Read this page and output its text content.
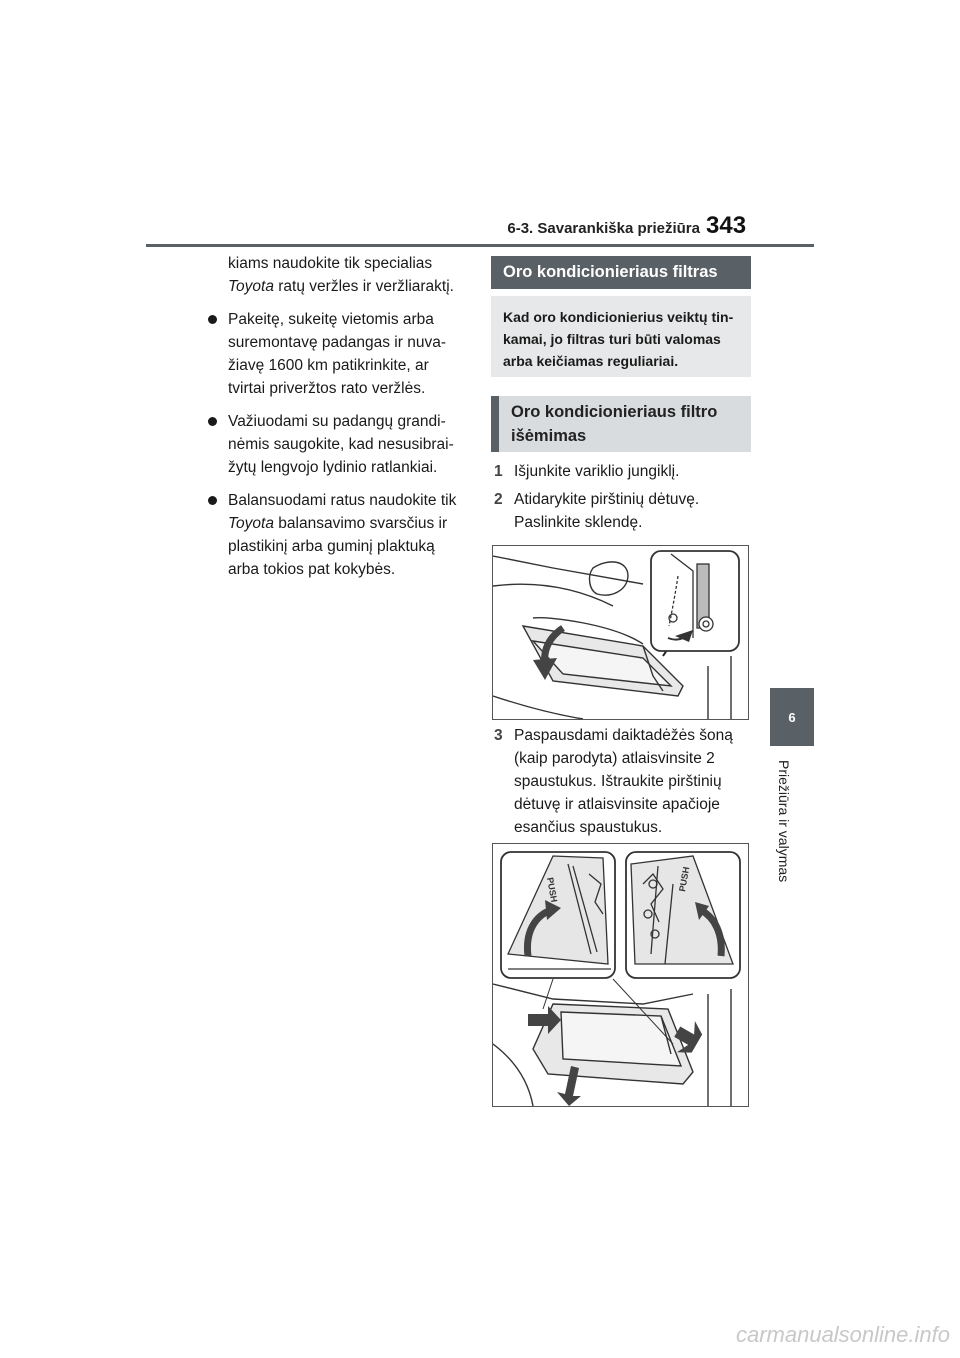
6-3. Savarankiška priežiūra 343
6
Priežiūra ir valymas
kiams naudokite tik specialias
Toyota ratų veržles ir veržliaraktį.
Pakeitę, sukeitę vietomis arba suremontavę padangas ir nuvažiavę 1600 km patikrinkite, ar tvirtai priveržtos rato veržlės.
Važiuodami su padangų grandinėmis saugokite, kad nesusibraižytų lengvojo lydinio ratlankiai.
Balansuodami ratus naudokite tik Toyota balansavimo svarsčius ir plastikinį arba guminį plaktuką arba tokios pat kokybės.
Oro kondicionieriaus filtras
Kad oro kondicionierius veiktų tinkamai, jo filtras turi būti valomas arba keičiamas reguliariai.
Oro kondicionieriaus filtro išėmimas
1 Išjunkite variklio jungiklį.
2 Atidarykite pirštinių dėtuvę. Paslinkite sklendę.
3 Paspausdami daiktadėžės šoną (kaip parodyta) atlaisvinsite 2 spaustukus. Ištraukite pirštinių dėtuvę ir atlaisvinsite apačioje esančius spaustukus.
PUSH	PUSH
carmanualsonline.info
